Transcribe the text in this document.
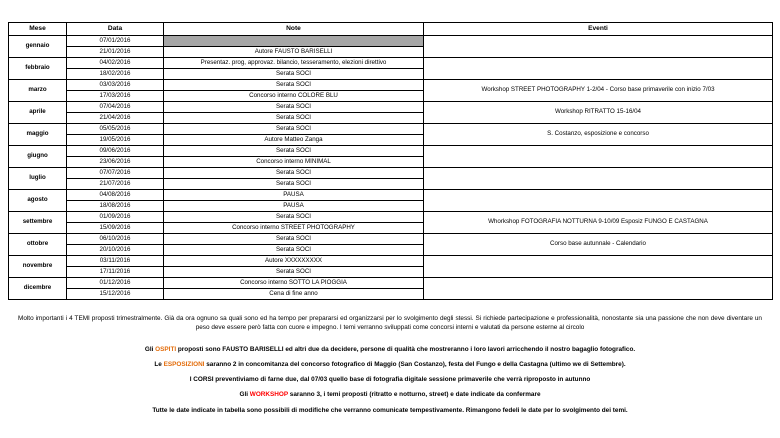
Mese	Data	Note	Eventi
gennaio	07/01/2016		
	21/01/2016	Autore FAUSTO BARISELLI	
febbraio	04/02/2016	Presentaz. prog, approvaz. bilancio, tesseramento, elezioni direttivo	
	18/02/2016	Serata SOCI	
marzo	03/03/2016	Serata SOCI	Workshop STREET PHOTOGRAPHY 1-2/04 - Corso base primaverile con inizio 7/03
	17/03/2016	Concorso interno COLORE BLU	
aprile	07/04/2016	Serata SOCI	Workshop RITRATTO 15-16/04
	21/04/2016	Serata SOCI	
maggio	05/05/2016	Serata SOCI	S. Costanzo, esposizione e concorso
	19/05/2016	Autore Matteo Zanga	
giugno	09/06/2016	Serata SOCI	
	23/06/2016	Concorso interno MINIMAL	
luglio	07/07/2016	Serata SOCI	
	21/07/2016	Serata SOCI	
agosto	04/08/2016	PAUSA	
	18/08/2016	PAUSA	
settembre	01/09/2016	Serata SOCI	Whorkshop FOTOGRAFIA NOTTURNA 9-10/09 Esposiz FUNGO E CASTAGNA
	15/09/2016	Concorso interno STREET PHOTOGRAPHY	
ottobre	06/10/2016	Serata SOCI	Corso base autunnale - Calendario
	20/10/2016	Serata SOCI	
novembre	03/11/2016	Autore XXXXXXXXX	
	17/11/2016	Serata SOCI	
dicembre	01/12/2016	Concorso interno SOTTO LA PIOGGIA	
	15/12/2016	Cena di fine anno	

Molto importanti i 4 TEMI proposti trimestralmente. Già da ora ognuno sa quali sono ed ha tempo per prepararsi ed organizzarsi per lo svolgimento degli stessi. Si richiede partecipazione e professionalità, nonostante sia una passione che non deve diventare un peso deve essere però fatta con cuore e impegno. I temi verranno sviluppati come concorsi interni e valutati da persone esterne al circolo

Gli OSPITI proposti sono FAUSTO BARISELLI ed altri due da decidere, persone di qualità che mostreranno i loro lavori arricchendo il nostro bagaglio fotografico.

Le ESPOSIZIONI saranno 2 in concomitanza del concorso fotografico di Maggio (San Costanzo), festa del Fungo e della Castagna (ultimo we di Settembre).

I CORSI preventiviamo di farne due, dal 07/03 quello base di fotografia digitale sessione primaverile che verrà riproposto in autunno

Gli WORKSHOP saranno 3, i temi proposti (ritratto e notturno, street) e date indicate da confermare

Tutte le date indicate in tabella sono possibili di modifiche che verranno comunicate tempestivamente. Rimangono fedeli le date per lo svolgimento dei temi.
